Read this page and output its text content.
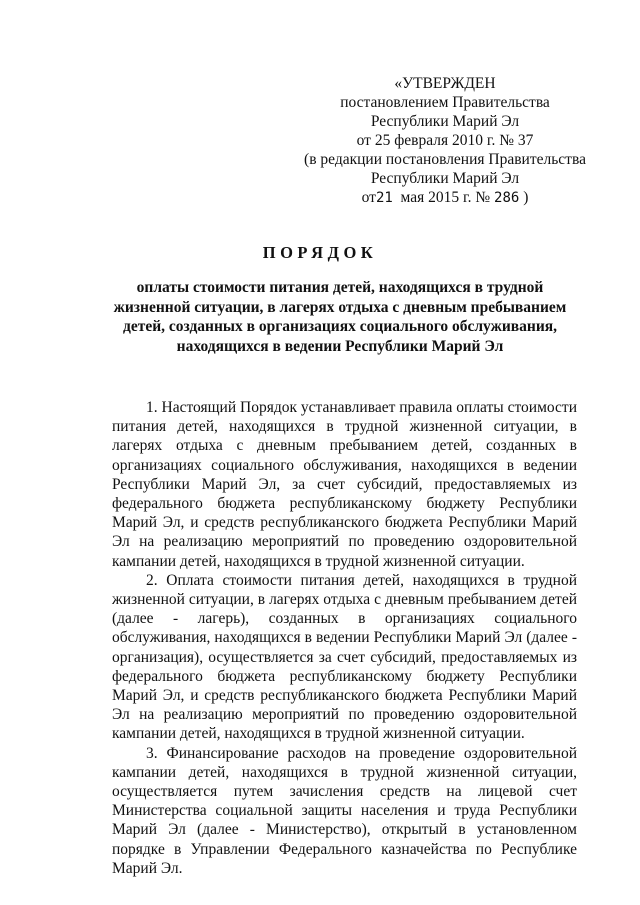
«УТВЕРЖДЕН
постановлением Правительства
Республики Марий Эл
от 25 февраля 2010 г. № 37
(в редакции постановления Правительства
Республики Марий Эл
от21 мая 2015 г. № 286 )
ПОРЯДОК
оплаты стоимости питания детей, находящихся в трудной
жизненной ситуации, в лагерях отдыха с дневным пребыванием
детей, созданных в организациях социального обслуживания,
находящихся в ведении Республики Марий Эл

1. Настоящий Порядок устанавливает правила оплаты стоимости питания детей, находящихся в трудной жизненной ситуации, в лагерях отдыха с дневным пребыванием детей, созданных в организациях социального обслуживания, находящихся в ведении Республики Марий Эл, за счет субсидий, предоставляемых из федерального бюджета республиканскому бюджету Республики Марий Эл, и средств республиканского бюджета Республики Марий Эл на реализацию мероприятий по проведению оздоровительной кампании детей, находящихся в трудной жизненной ситуации.

2. Оплата стоимости питания детей, находящихся в трудной жизненной ситуации, в лагерях отдыха с дневным пребыванием детей (далее - лагерь), созданных в организациях социального обслуживания, находящихся в ведении Республики Марий Эл (далее - организация), осуществляется за счет субсидий, предоставляемых из федерального бюджета республиканскому бюджету Республики Марий Эл, и средств республиканского бюджета Республики Марий Эл на реализацию мероприятий по проведению оздоровительной кампании детей, находящихся в трудной жизненной ситуации.

3. Финансирование расходов на проведение оздоровительной кампании детей, находящихся в трудной жизненной ситуации, осуществляется путем зачисления средств на лицевой счет Министерства социальной защиты населения и труда Республики Марий Эл (далее - Министерство), открытый в установленном порядке в Управлении Федерального казначейства по Республике Марий Эл.
